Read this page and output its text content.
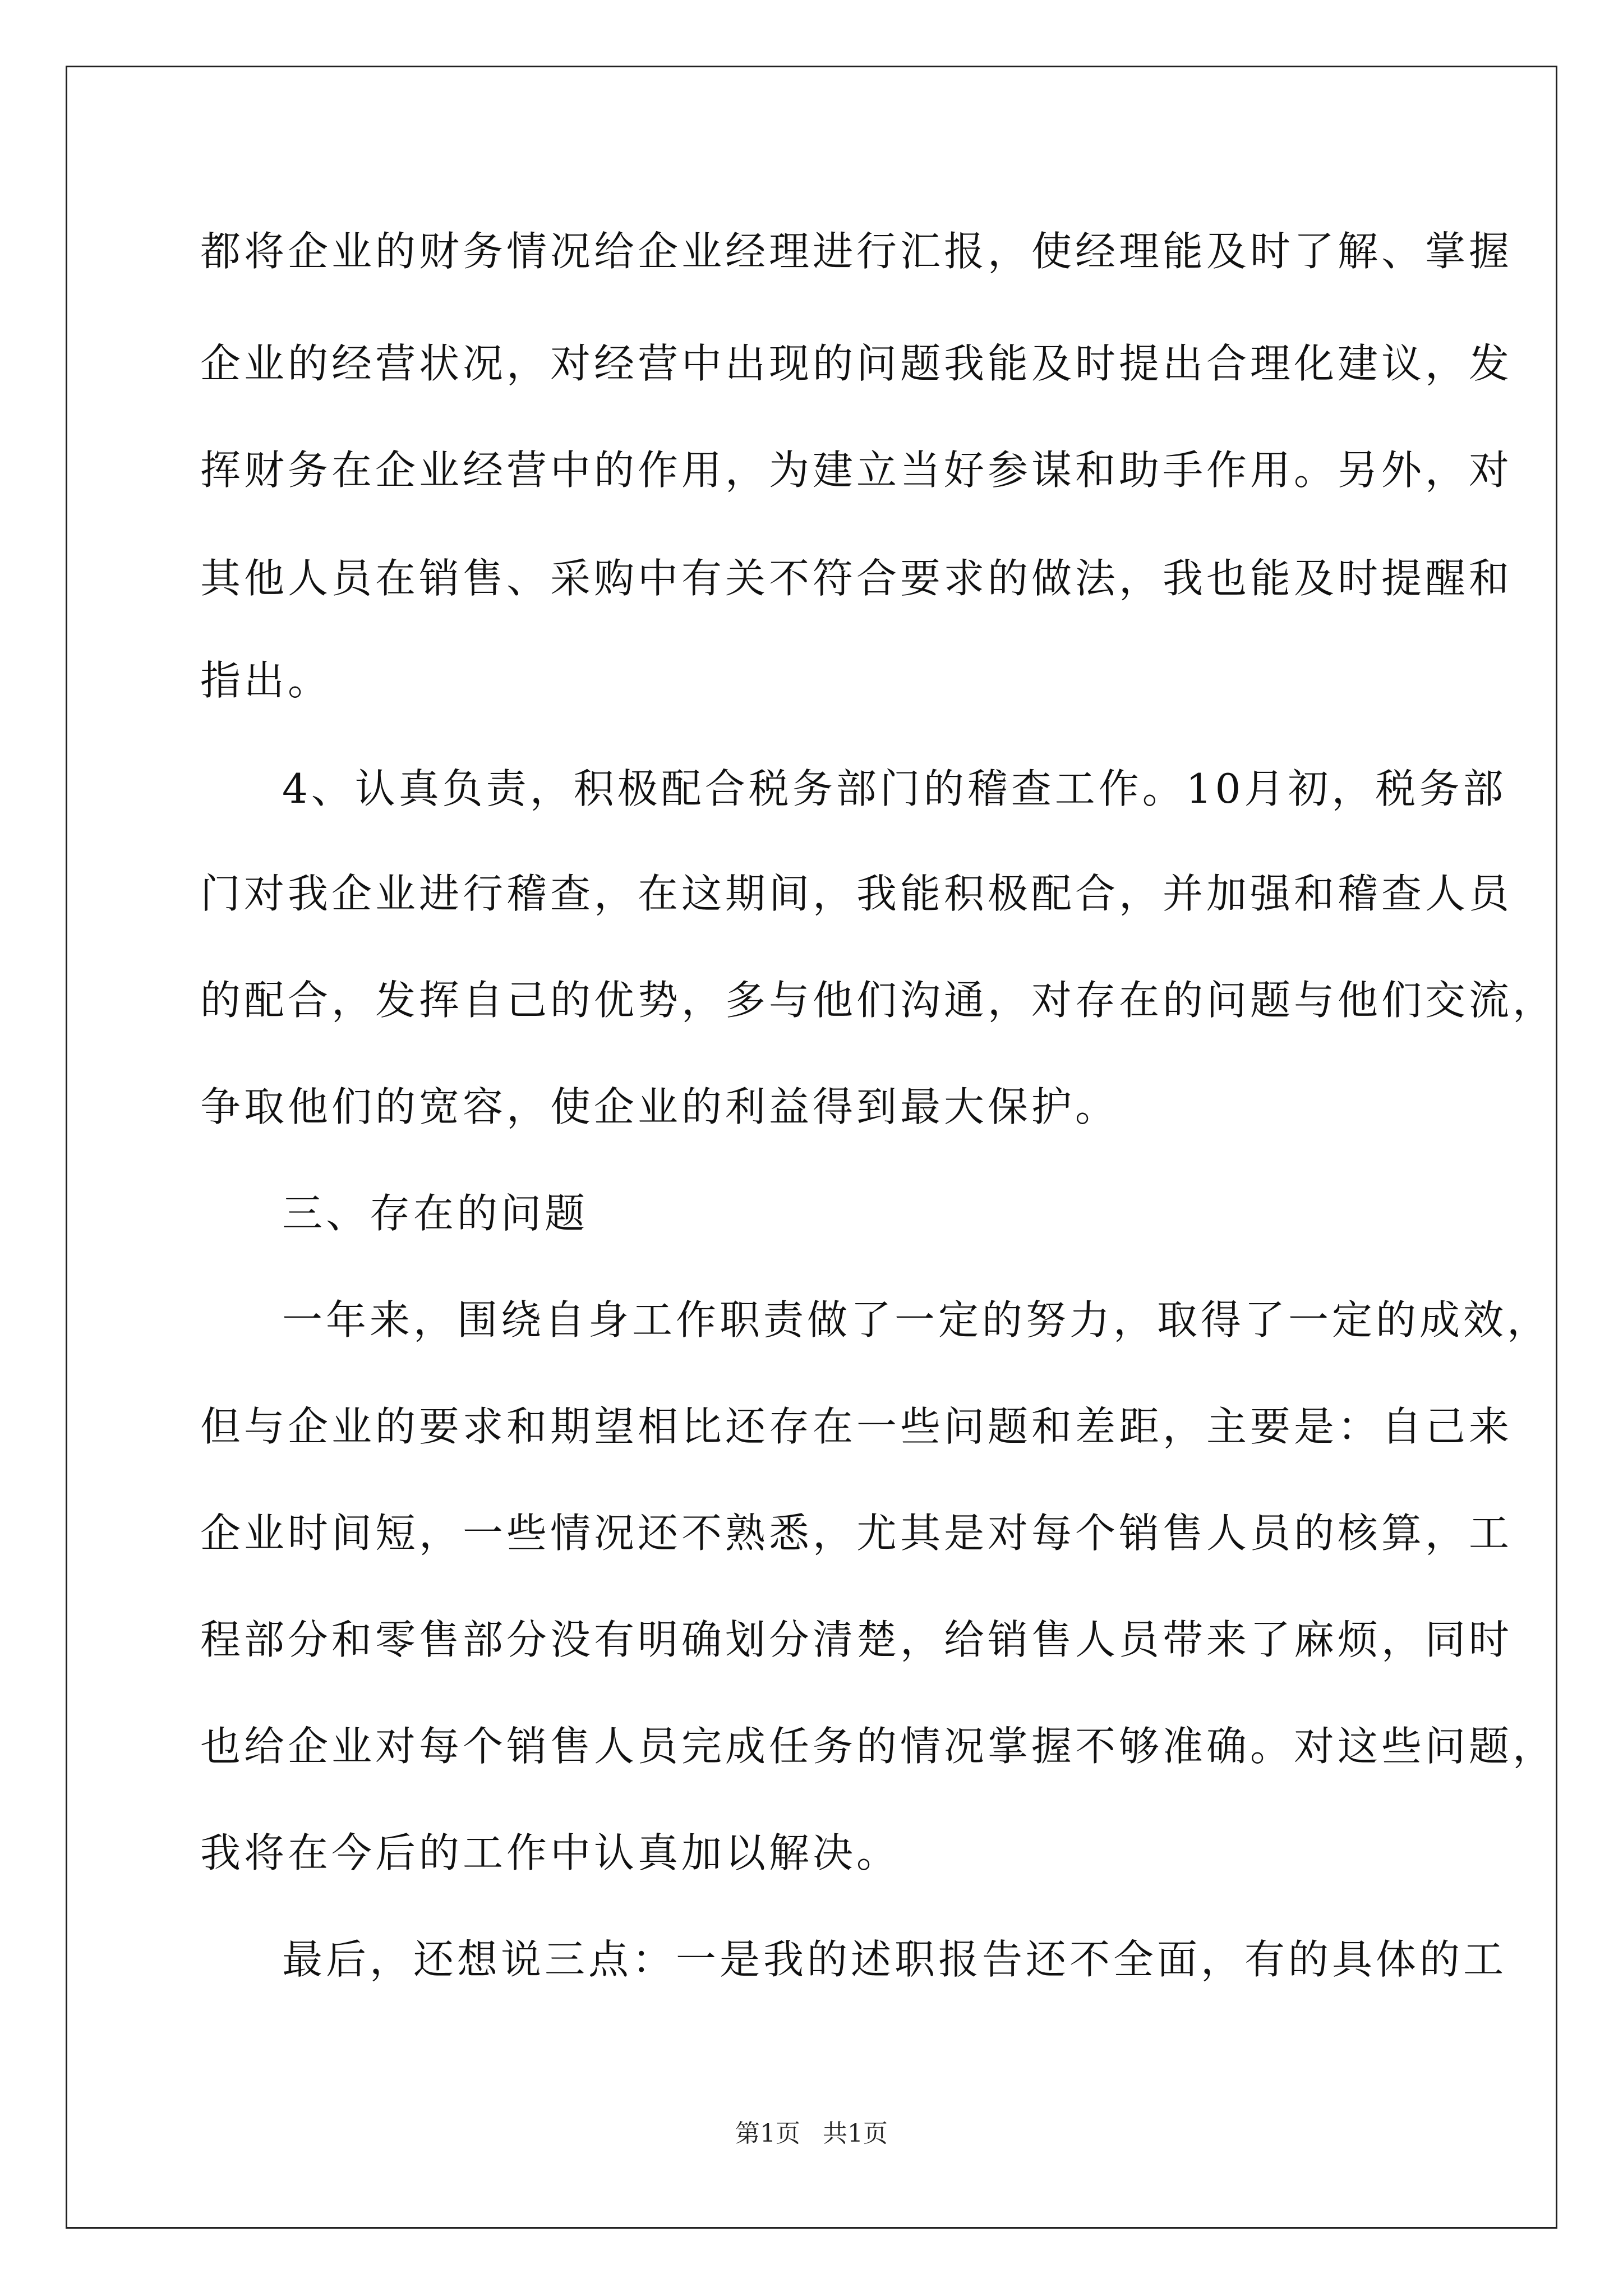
都将企业的财务情况给企业经理进行汇报，使经理能及时了解、掌握
企业的经营状况，对经营中出现的问题我能及时提出合理化建议，发
挥财务在企业经营中的作用，为建立当好参谋和助手作用。另外，对
其他人员在销售、采购中有关不符合要求的做法，我也能及时提醒和
指出。
4、认真负责，积极配合税务部门的稽查工作。10月初，税务部
门对我企业进行稽查，在这期间，我能积极配合，并加强和稽查人员
的配合，发挥自己的优势，多与他们沟通，对存在的问题与他们交流，
争取他们的宽容，使企业的利益得到最大保护。
三、存在的问题
一年来，围绕自身工作职责做了一定的努力，取得了一定的成效，
但与企业的要求和期望相比还存在一些问题和差距，主要是：自己来
企业时间短，一些情况还不熟悉，尤其是对每个销售人员的核算，工
程部分和零售部分没有明确划分清楚，给销售人员带来了麻烦，同时
也给企业对每个销售人员完成任务的情况掌握不够准确。对这些问题，
我将在今后的工作中认真加以解决。
最后，还想说三点：一是我的述职报告还不全面，有的具体的工
第1页 共1页
